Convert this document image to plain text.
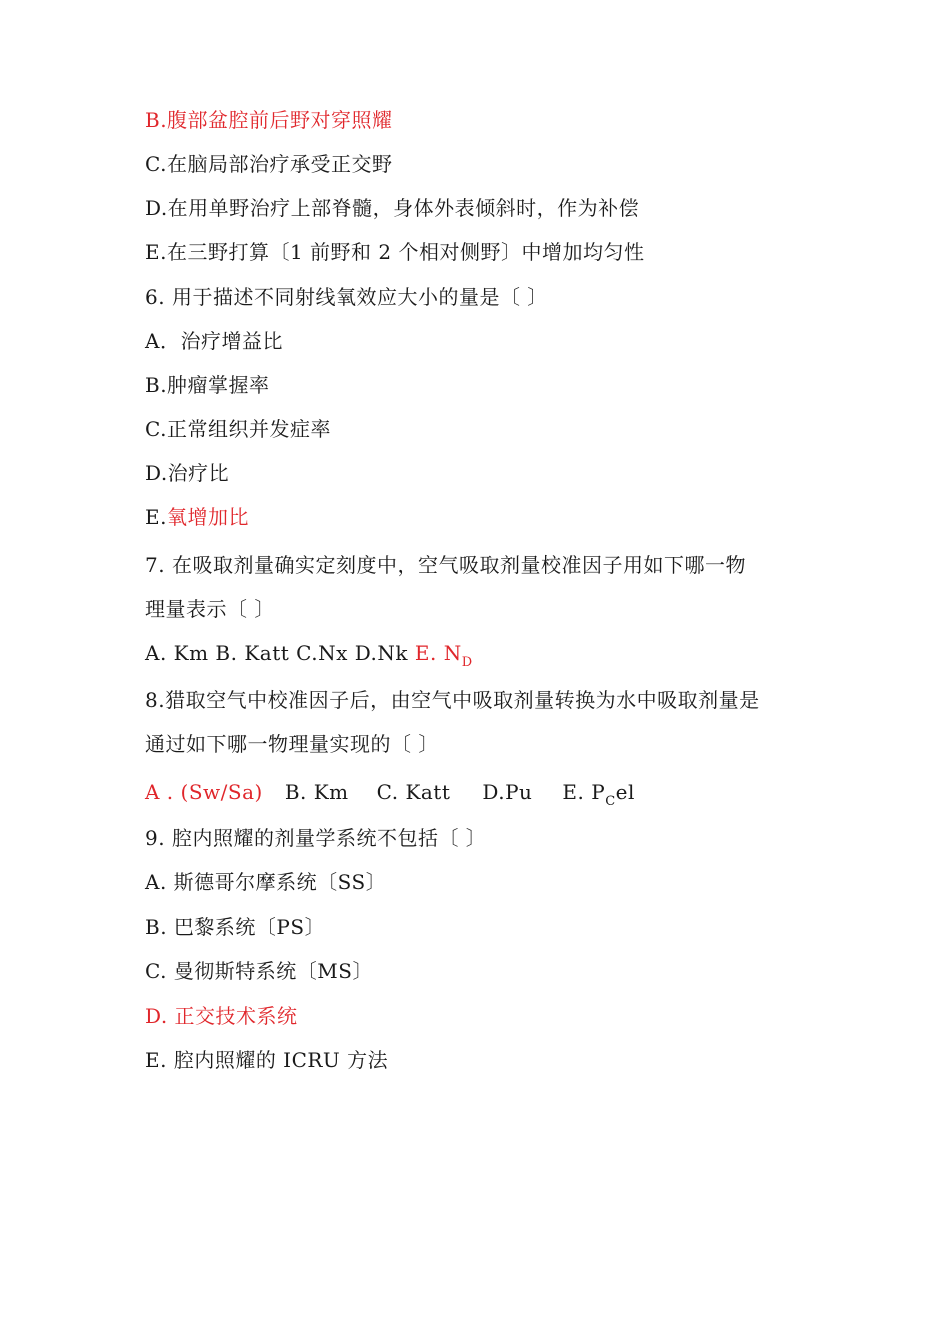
B.腹部盆腔前后野对穿照耀
C.在脑局部治疗承受正交野
D.在用单野治疗上部脊髓，身体外表倾斜时，作为补偿
E.在三野打算〔1 前野和 2 个相对侧野〕中增加均匀性
6. 用于描述不同射线氧效应大小的量是〔 〕
A．治疗增益比
B.肿瘤掌握率
C.正常组织并发症率
D.治疗比
E.氧增加比
7. 在吸取剂量确实定刻度中，空气吸取剂量校准因子用如下哪一物
理量表示〔 〕
A. Km B. Katt C.Nx D.Nk E. $N_D$
8.猎取空气中校准因子后，由空气中吸取剂量转换为水中吸取剂量是
通过如下哪一物理量实现的〔 〕
A . (Sw/Sa) B. Km C. Katt D.Pu E. $P_Cel$
9. 腔内照耀的剂量学系统不包括〔 〕
A. 斯德哥尔摩系统〔SS〕
B. 巴黎系统〔PS〕
C. 曼彻斯特系统〔MS〕
D. 正交技术系统
E. 腔内照耀的 ICRU 方法
